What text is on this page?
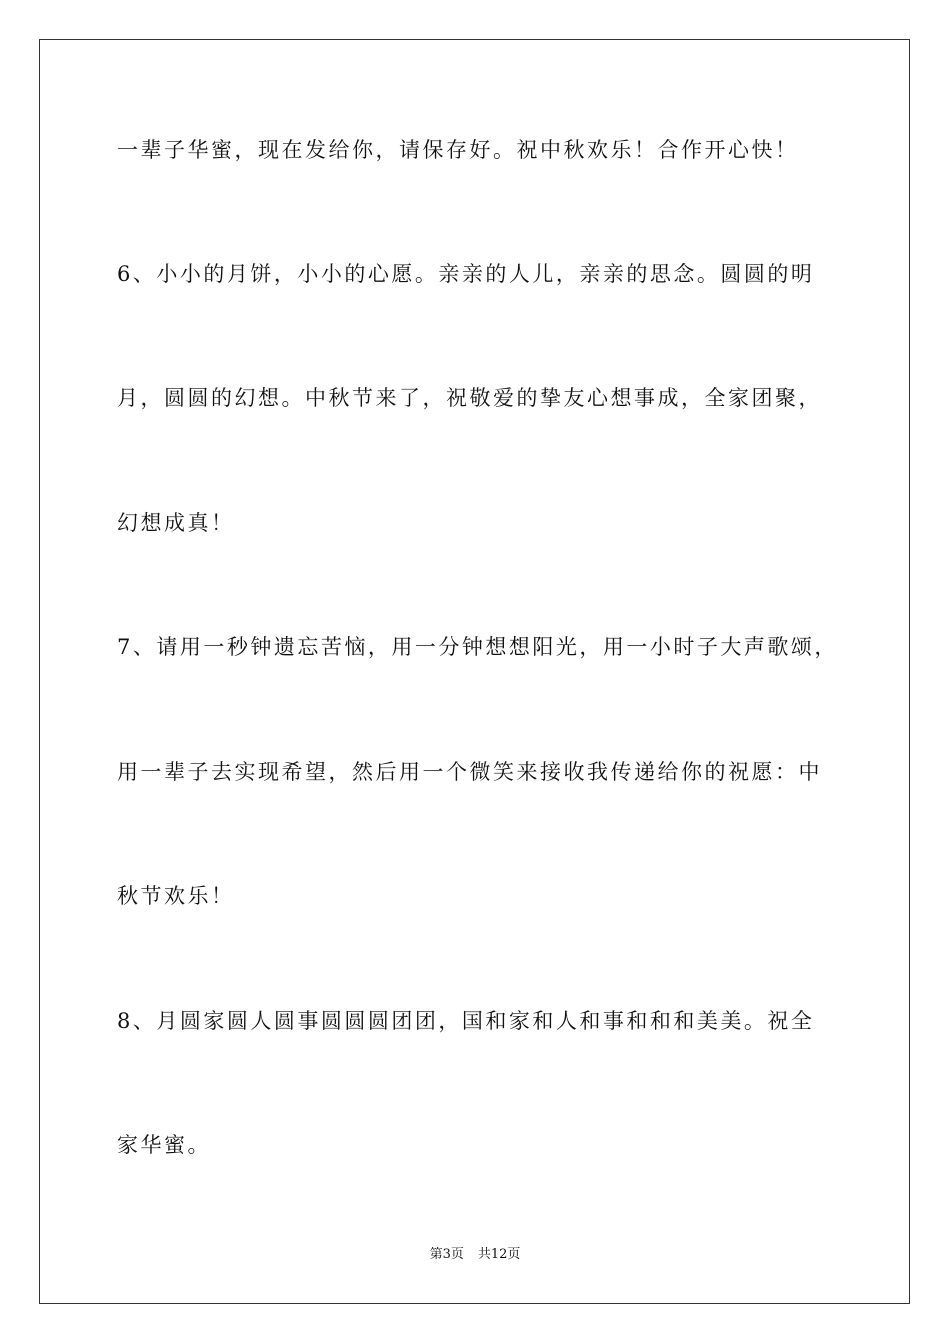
一辈子华蜜，现在发给你，请保存好。祝中秋欢乐！合作开心快！
6、小小的月饼，小小的心愿。亲亲的人儿，亲亲的思念。圆圆的明
月，圆圆的幻想。中秋节来了，祝敬爱的挚友心想事成，全家团聚，
幻想成真！
7、请用一秒钟遗忘苦恼，用一分钟想想阳光，用一小时子大声歌颂，
用一辈子去实现希望，然后用一个微笑来接收我传递给你的祝愿：中
秋节欢乐！
8、月圆家圆人圆事圆圆圆团团，国和家和人和事和和和美美。祝全
家华蜜。
第3页 共12页
